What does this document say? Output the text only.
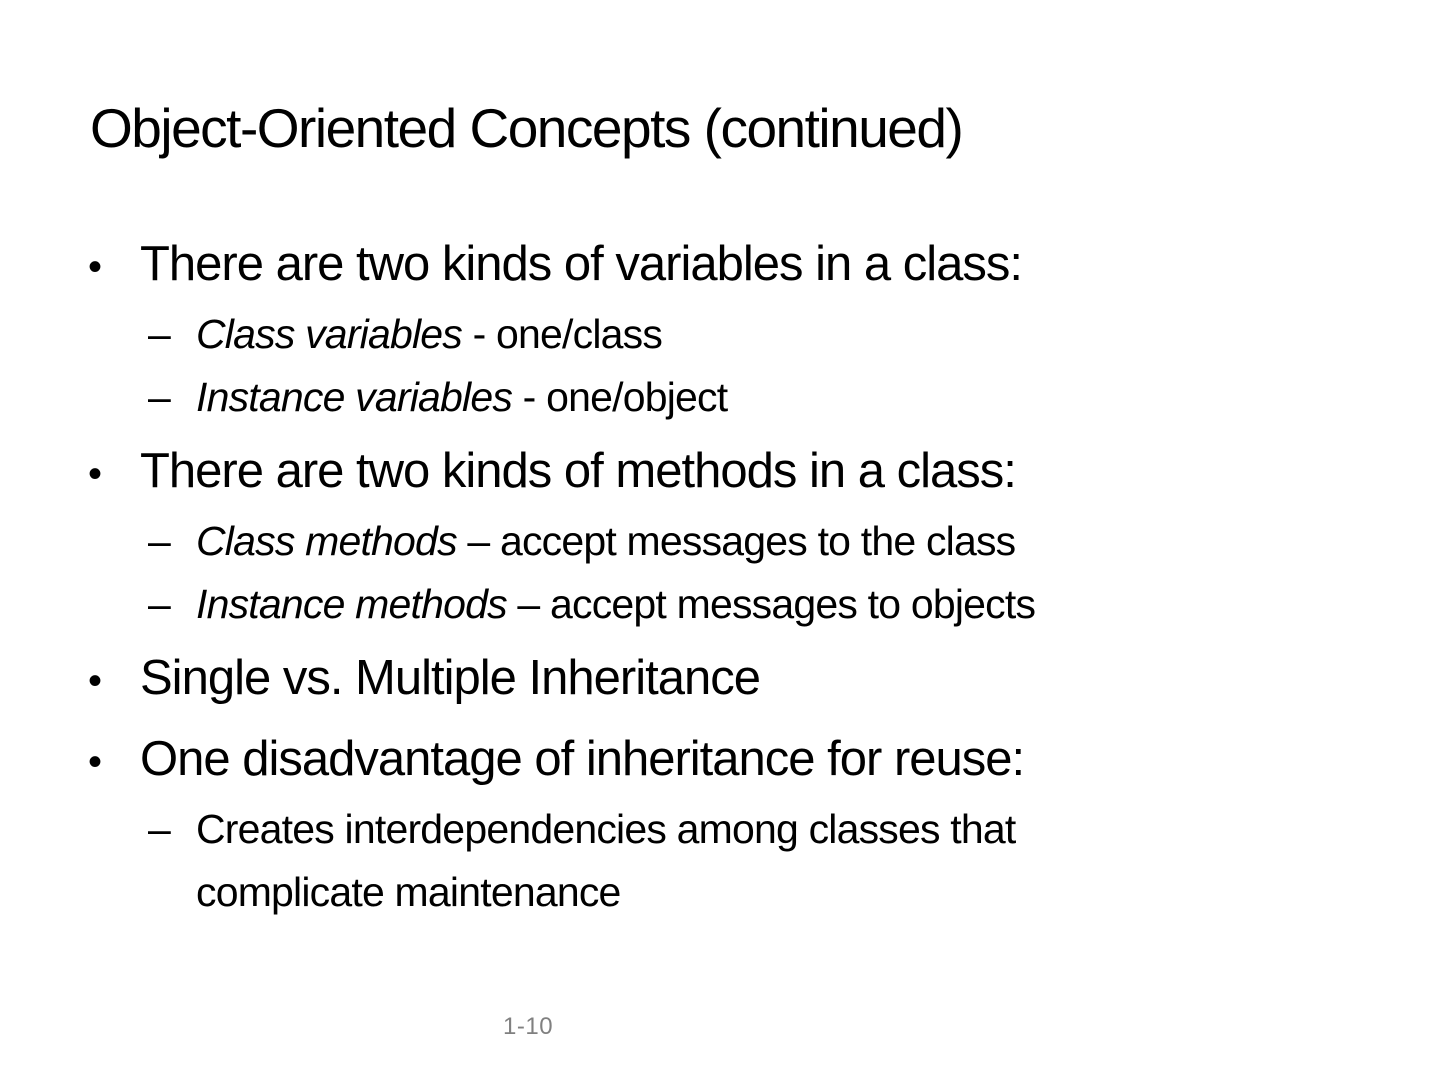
Object-Oriented Concepts (continued)
• There are two kinds of variables in a class:
– Class variables - one/class
– Instance variables - one/object
• There are two kinds of methods in a class:
– Class methods – accept messages to the class
– Instance methods – accept messages to objects
• Single vs. Multiple Inheritance
• One disadvantage of inheritance for reuse:
– Creates interdependencies among classes that complicate maintenance
1-10
